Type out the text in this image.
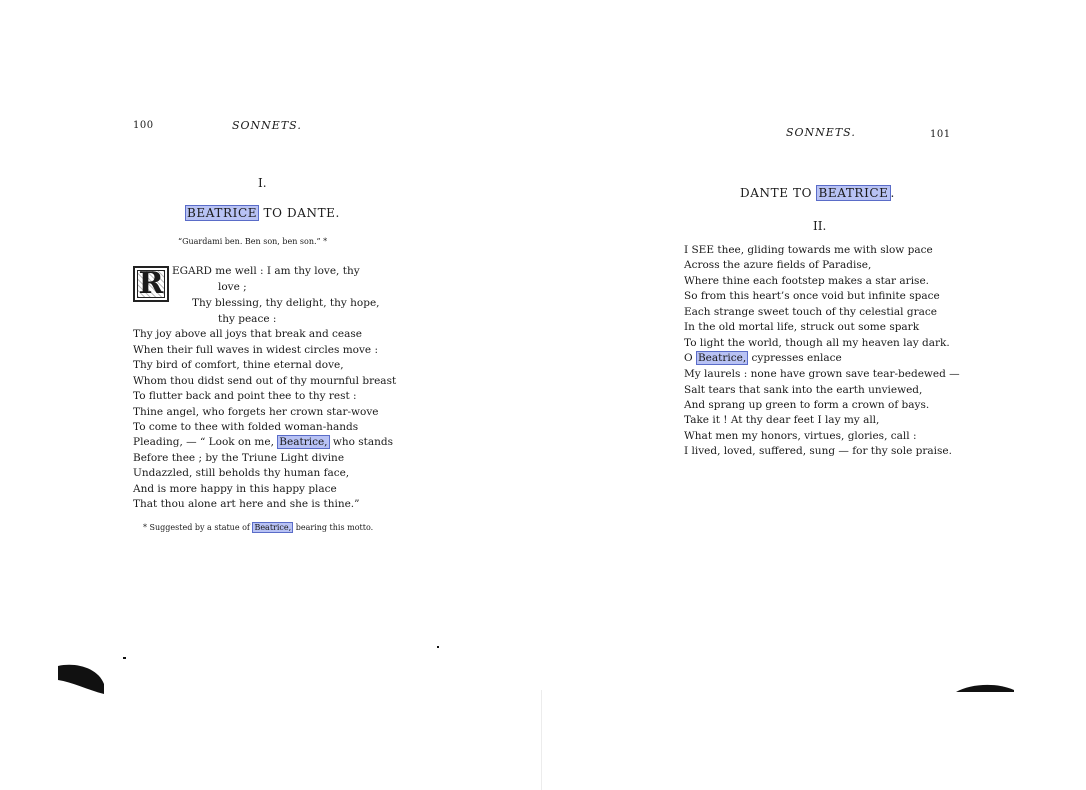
100	SONNETS.
I.
BEATRICE TO DANTE.
“Guardami ben. Ben son, ben son.” *
R EGARD me well : I am thy love, thy
love ;
Thy blessing, thy delight, thy hope,
thy peace :
Thy joy above all joys that break and cease
When their full waves in widest circles move :
Thy bird of comfort, thine eternal dove,
Whom thou didst send out of thy mournful breast
To flutter back and point thee to thy rest :
Thine angel, who forgets her crown star-wove
To come to thee with folded woman-hands
Pleading, — “ Look on me, Beatrice, who stands
Before thee ; by the Triune Light divine
Undazzled, still beholds thy human face,
And is more happy in this happy place
That thou alone art here and she is thine.”
* Suggested by a statue of Beatrice, bearing this motto.
SONNETS.	101
DANTE TO BEATRICE .
II.
I SEE thee, gliding towards me with slow pace
Across the azure fields of Paradise,
Where thine each footstep makes a star arise.
So from this heart’s once void but infinite space
Each strange sweet touch of thy celestial grace
In the old mortal life, struck out some spark
To light the world, though all my heaven lay dark.
O Beatrice, cypresses enlace
My laurels : none have grown save tear-bedewed —
Salt tears that sank into the earth unviewed,
And sprang up green to form a crown of bays.
Take it ! At thy dear feet I lay my all,
What men my honors, virtues, glories, call :
I lived, loved, suffered, sung — for thy sole praise.
